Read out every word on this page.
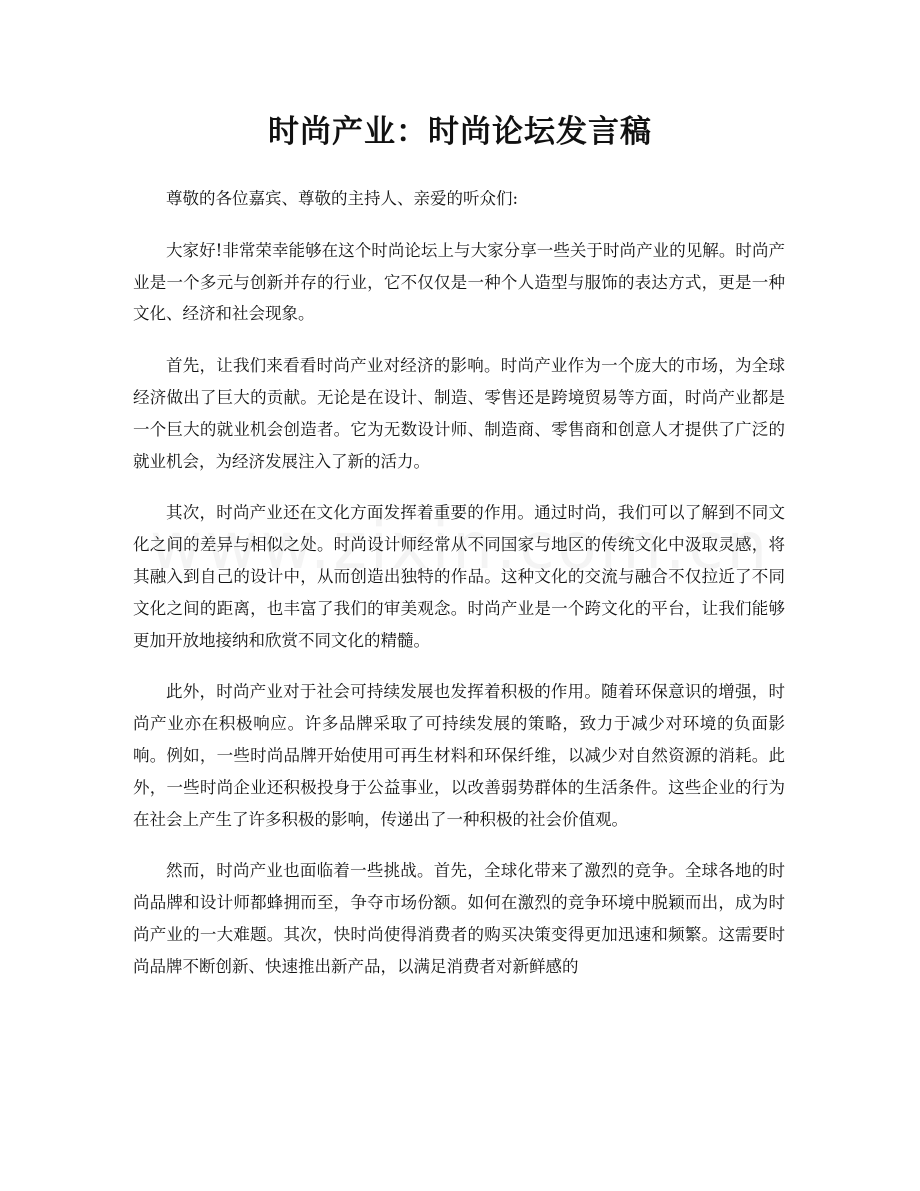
时尚产业：时尚论坛发言稿

尊敬的各位嘉宾、尊敬的主持人、亲爱的听众们:

大家好!非常荣幸能够在这个时尚论坛上与大家分享一些关于时尚产业的见解。时尚产业是一个多元与创新并存的行业，它不仅仅是一种个人造型与服饰的表达方式，更是一种文化、经济和社会现象。

首先，让我们来看看时尚产业对经济的影响。时尚产业作为一个庞大的市场，为全球经济做出了巨大的贡献。无论是在设计、制造、零售还是跨境贸易等方面，时尚产业都是一个巨大的就业机会创造者。它为无数设计师、制造商、零售商和创意人才提供了广泛的就业机会，为经济发展注入了新的活力。

其次，时尚产业还在文化方面发挥着重要的作用。通过时尚，我们可以了解到不同文化之间的差异与相似之处。时尚设计师经常从不同国家与地区的传统文化中汲取灵感，将其融入到自己的设计中，从而创造出独特的作品。这种文化的交流与融合不仅拉近了不同文化之间的距离，也丰富了我们的审美观念。时尚产业是一个跨文化的平台，让我们能够更加开放地接纳和欣赏不同文化的精髓。

此外，时尚产业对于社会可持续发展也发挥着积极的作用。随着环保意识的增强，时尚产业亦在积极响应。许多品牌采取了可持续发展的策略，致力于减少对环境的负面影响。例如，一些时尚品牌开始使用可再生材料和环保纤维，以减少对自然资源的消耗。此外，一些时尚企业还积极投身于公益事业，以改善弱势群体的生活条件。这些企业的行为在社会上产生了许多积极的影响，传递出了一种积极的社会价值观。

然而，时尚产业也面临着一些挑战。首先，全球化带来了激烈的竞争。全球各地的时尚品牌和设计师都蜂拥而至，争夺市场份额。如何在激烈的竞争环境中脱颖而出，成为时尚产业的一大难题。其次，快时尚使得消费者的购买决策变得更加迅速和频繁。这需要时尚品牌不断创新、快速推出新产品，以满足消费者对新鲜感的
